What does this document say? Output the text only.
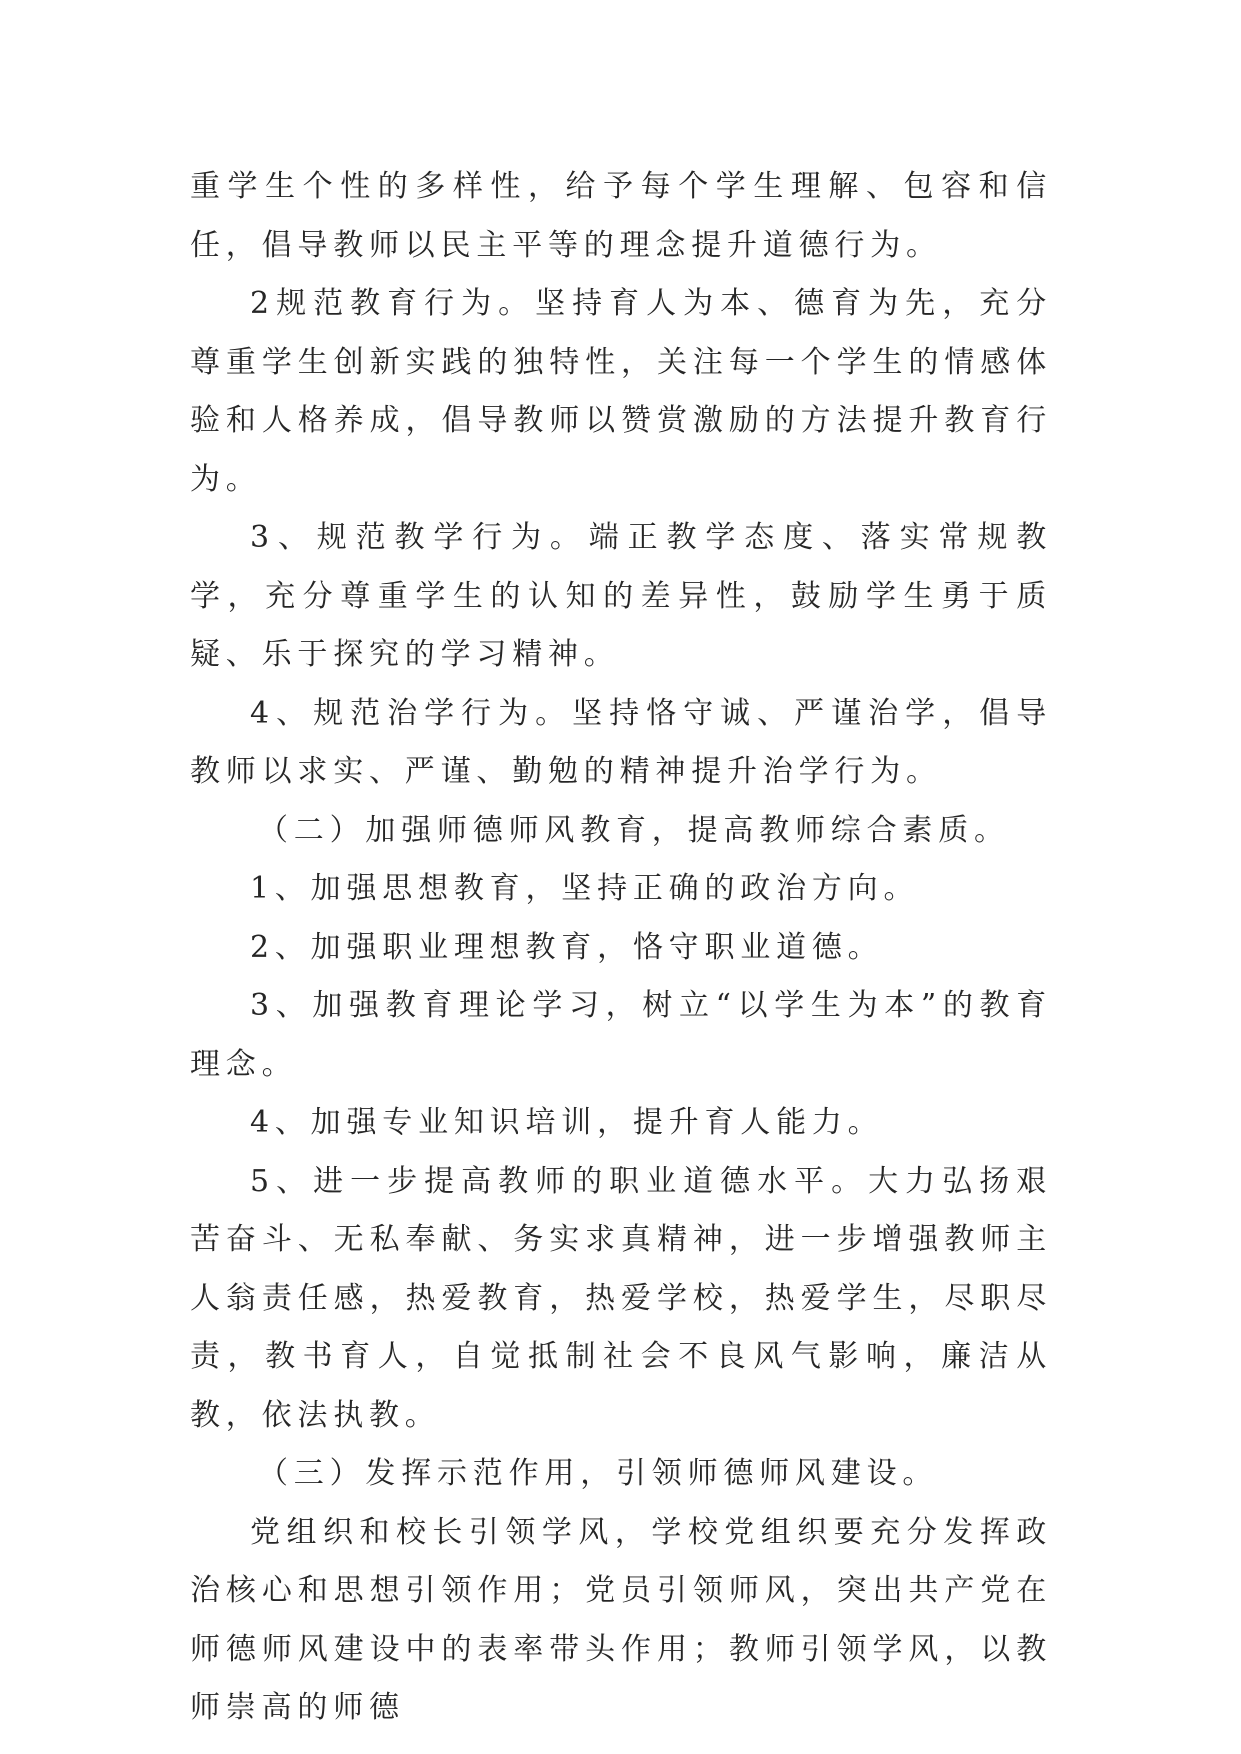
重学生个性的多样性，给予每个学生理解、包容和信任，倡导教师以民主平等的理念提升道德行为。

2规范教育行为。坚持育人为本、德育为先，充分尊重学生创新实践的独特性，关注每一个学生的情感体验和人格养成，倡导教师以赞赏激励的方法提升教育行为。

3、规范教学行为。端正教学态度、落实常规教学，充分尊重学生的认知的差异性，鼓励学生勇于质疑、乐于探究的学习精神。

4、规范治学行为。坚持恪守诚、严谨治学，倡导教师以求实、严谨、勤勉的精神提升治学行为。

（二）加强师德师风教育，提高教师综合素质。

1、加强思想教育，坚持正确的政治方向。

2、加强职业理想教育，恪守职业道德。

3、加强教育理论学习，树立“以学生为本”的教育理念。

4、加强专业知识培训，提升育人能力。

5、进一步提高教师的职业道德水平。大力弘扬艰苦奋斗、无私奉献、务实求真精神，进一步增强教师主人翁责任感，热爱教育，热爱学校，热爱学生，尽职尽责，教书育人，自觉抵制社会不良风气影响，廉洁从教，依法执教。

（三）发挥示范作用，引领师德师风建设。

党组织和校长引领学风，学校党组织要充分发挥政治核心和思想引领作用；党员引领师风，突出共产党在师德师风建设中的表率带头作用；教师引领学风，以教师崇高的师德
